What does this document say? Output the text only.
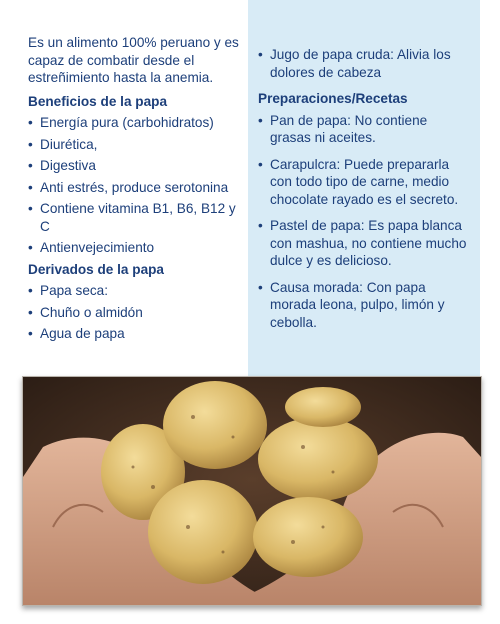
Es un alimento 100% peruano y es capaz de combatir desde el estreñimiento hasta la anemia.

Beneficios de la papa
• Energía pura (carbohidratos)
• Diurética,
• Digestiva
• Anti estrés, produce serotonina
• Contiene vitamina B1, B6, B12 y C
• Antienvejecimiento
Derivados de la papa
• Papa seca:
• Chuño o almidón
• Agua de papa
• Jugo de papa cruda: Alivia los dolores de cabeza
Preparaciones/Recetas
• Pan de papa: No contiene grasas ni aceites.
• Carapulcra: Puede prepararla con todo tipo de carne, medio chocolate rayado es el secreto.
• Pastel de papa: Es papa blanca con mashua, no contiene mucho dulce y es delicioso.
• Causa morada: Con papa morada leona, pulpo, limón y cebolla.
